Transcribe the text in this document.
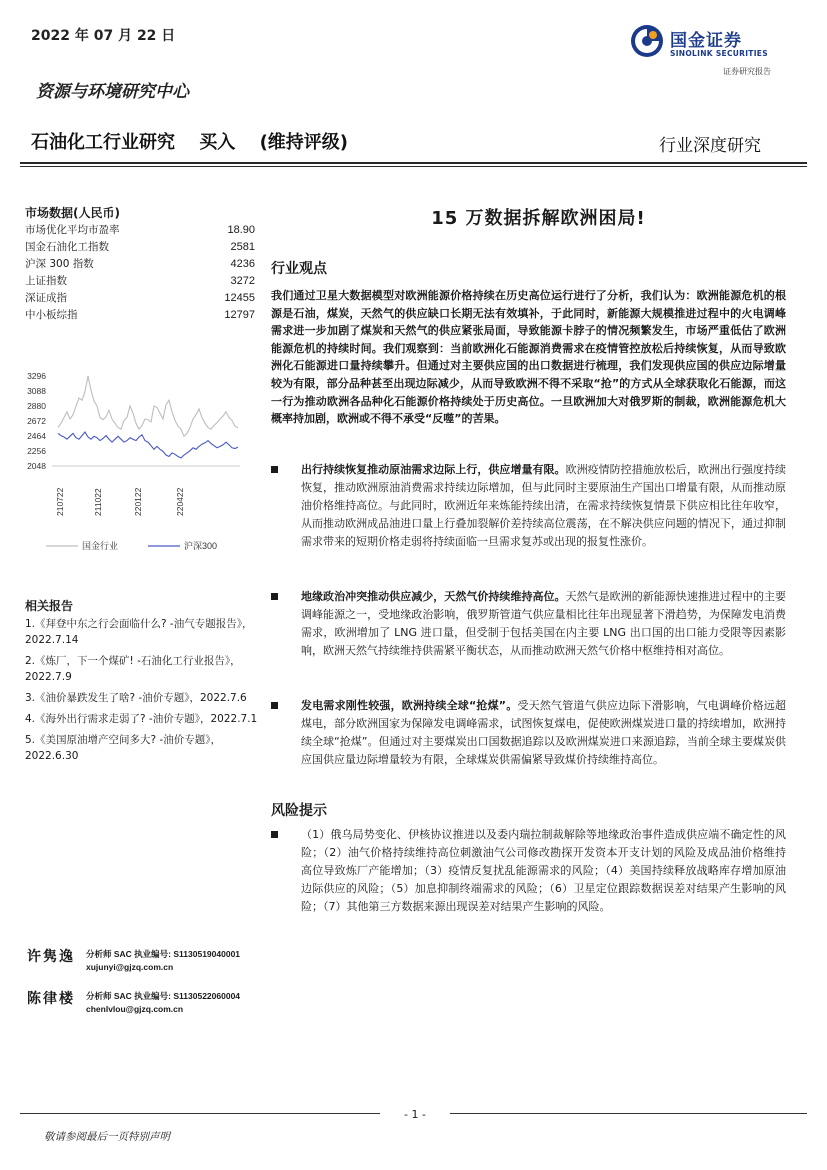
2022 年 07 月 22 日	国金证券
SINOLINK SECURITIES
证券研究报告
资源与环境研究中心
石油化工行业研究 买入 (维持评级)	行业深度研究
市场数据(人民币)
市场优化平均市盈率	18.90
国金石油化工指数	2581
沪深 300 指数	4236
上证指数	3272
深证成指	12455
中小板综指	12797
3296
3088
2880
2672
2464
2256
2048
210722	211022	220122	220422
国金行业	沪深300
相关报告
1.《拜登中东之行会面临什么? -油气专题报告》，2022.7.14
2.《炼厂，下一个煤矿! -石油化工行业报告》，2022.7.9
3.《油价暴跌发生了啥? -油价专题》，2022.7.6
4.《海外出行需求走弱了? -油价专题》，2022.7.1
5.《美国原油增产空间多大? -油价专题》，2022.6.30
许隽逸 分析师 SAC 执业编号: S1130519040001
xujunyi@gjzq.com.cn
陈律楼 分析师 SAC 执业编号: S1130522060004
chenlvlou@gjzq.com.cn
15 万数据拆解欧洲困局!
行业观点
我们通过卫星大数据模型对欧洲能源价格持续在历史高位运行进行了分析，我们认为：欧洲能源危机的根源是石油，煤炭，天然气的供应缺口长期无法有效填补，于此同时，新能源大规模推进过程中的火电调峰需求进一步加剧了煤炭和天然气的供应紧张局面，导致能源卡脖子的情况频繁发生，市场严重低估了欧洲能源危机的持续时间。我们观察到：当前欧洲化石能源消费需求在疫情管控放松后持续恢复，从而导致欧洲化石能源进口量持续攀升。但通过对主要供应国的出口数据进行梳理，我们发现供应国的供应边际增量较为有限，部分品种甚至出现边际减少，从而导致欧洲不得不采取“抢”的方式从全球获取化石能源，而这一行为推动欧洲各品种化石能源价格持续处于历史高位。一旦欧洲加大对俄罗斯的制裁，欧洲能源危机大概率持加剧，欧洲或不得不承受“反噬”的苦果。
出行持续恢复推动原油需求边际上行，供应增量有限。欧洲疫情防控措施放松后，欧洲出行强度持续恢复，推动欧洲原油消费需求持续边际增加，但与此同时主要原油生产国出口增量有限，从而推动原油价格维持高位。与此同时，欧洲近年来炼能持续出清，在需求持续恢复情景下供应相比往年收窄，从而推动欧洲成品油进口量上行叠加裂解价差持续高位震荡，在不解决供应问题的情况下，通过抑制需求带来的短期价格走弱将持续面临一旦需求复苏或出现的报复性涨价。
地缘政治冲突推动供应减少，天然气价持续维持高位。天然气是欧洲的新能源快速推进过程中的主要调峰能源之一，受地缘政治影响，俄罗斯管道气供应量相比往年出现显著下滑趋势，为保障发电消费需求，欧洲增加了 LNG 进口量，但受制于包括美国在内主要 LNG 出口国的出口能力受限等因素影响，欧洲天然气持续维持供需紧平衡状态，从而推动欧洲天然气价格中枢维持相对高位。
发电需求刚性较强，欧洲持续全球“抢煤”。受天然气管道气供应边际下滑影响，气电调峰价格远超煤电，部分欧洲国家为保障发电调峰需求，试图恢复煤电，促使欧洲煤炭进口量的持续增加，欧洲持续全球“抢煤”。但通过对主要煤炭出口国数据追踪以及欧洲煤炭进口来源追踪，当前全球主要煤炭供应国供应量边际增量较为有限，全球煤炭供需偏紧导致煤价持续维持高位。
风险提示
（1）俄乌局势变化、伊核协议推进以及委内瑞拉制裁解除等地缘政治事件造成供应端不确定性的风险；（2）油气价格持续维持高位刺激油气公司修改勘探开发资本开支计划的风险及成品油价格维持高位导致炼厂产能增加；（3）疫情反复扰乱能源需求的风险；（4）美国持续释放战略库存增加原油边际供应的风险；（5）加息抑制终端需求的风险；（6）卫星定位跟踪数据误差对结果产生影响的风险；（7）其他第三方数据来源出现误差对结果产生影响的风险。
- 1 -
敬请参阅最后一页特别声明
